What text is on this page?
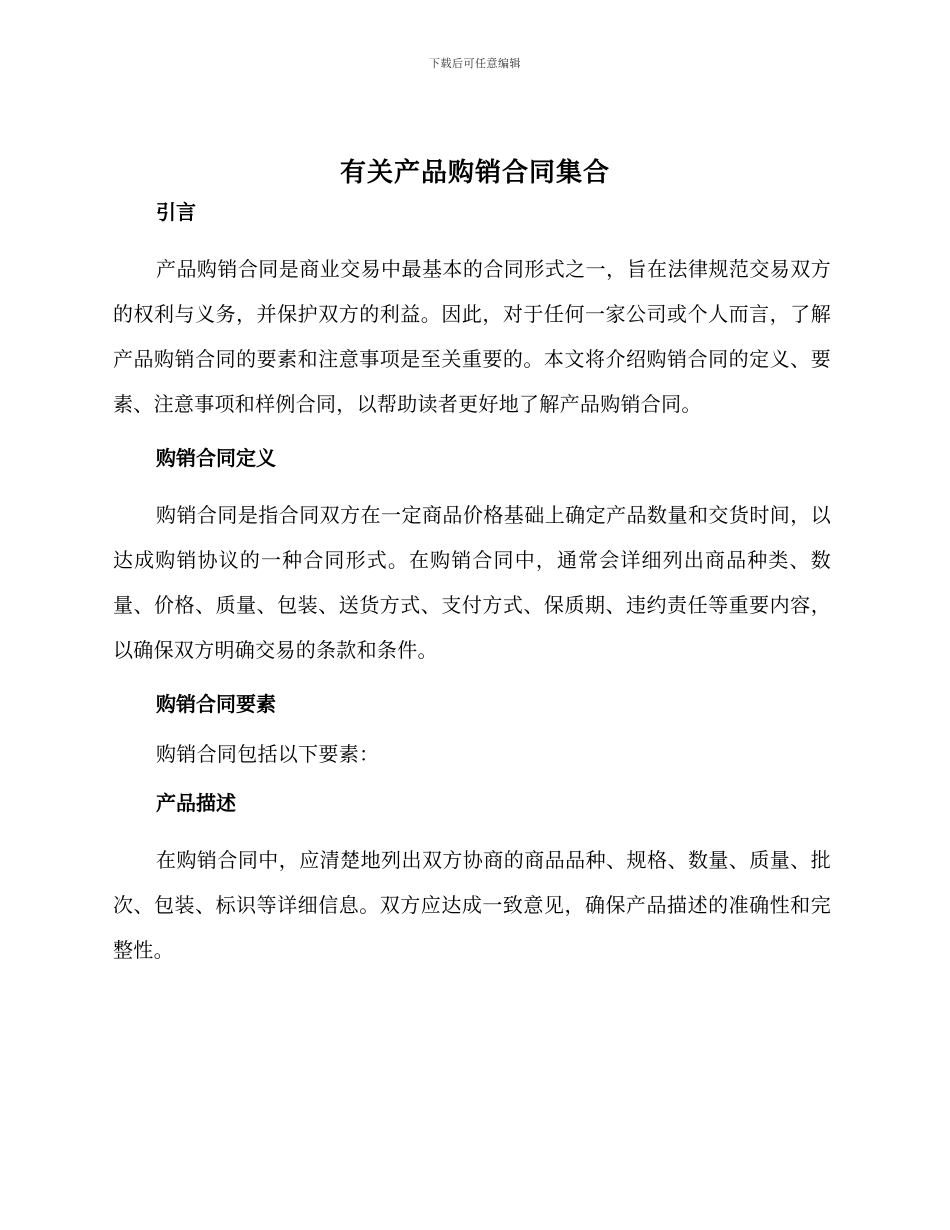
下载后可任意编辑
有关产品购销合同集合
引言

产品购销合同是商业交易中最基本的合同形式之一，旨在法律规范交易双方的权利与义务，并保护双方的利益。因此，对于任何一家公司或个人而言，了解产品购销合同的要素和注意事项是至关重要的。本文将介绍购销合同的定义、要素、注意事项和样例合同，以帮助读者更好地了解产品购销合同。

购销合同定义

购销合同是指合同双方在一定商品价格基础上确定产品数量和交货时间，以达成购销协议的一种合同形式。在购销合同中，通常会详细列出商品种类、数量、价格、质量、包装、送货方式、支付方式、保质期、违约责任等重要内容，以确保双方明确交易的条款和条件。

购销合同要素

购销合同包括以下要素：

产品描述

在购销合同中，应清楚地列出双方协商的商品品种、规格、数量、质量、批次、包装、标识等详细信息。双方应达成一致意见，确保产品描述的准确性和完整性。
